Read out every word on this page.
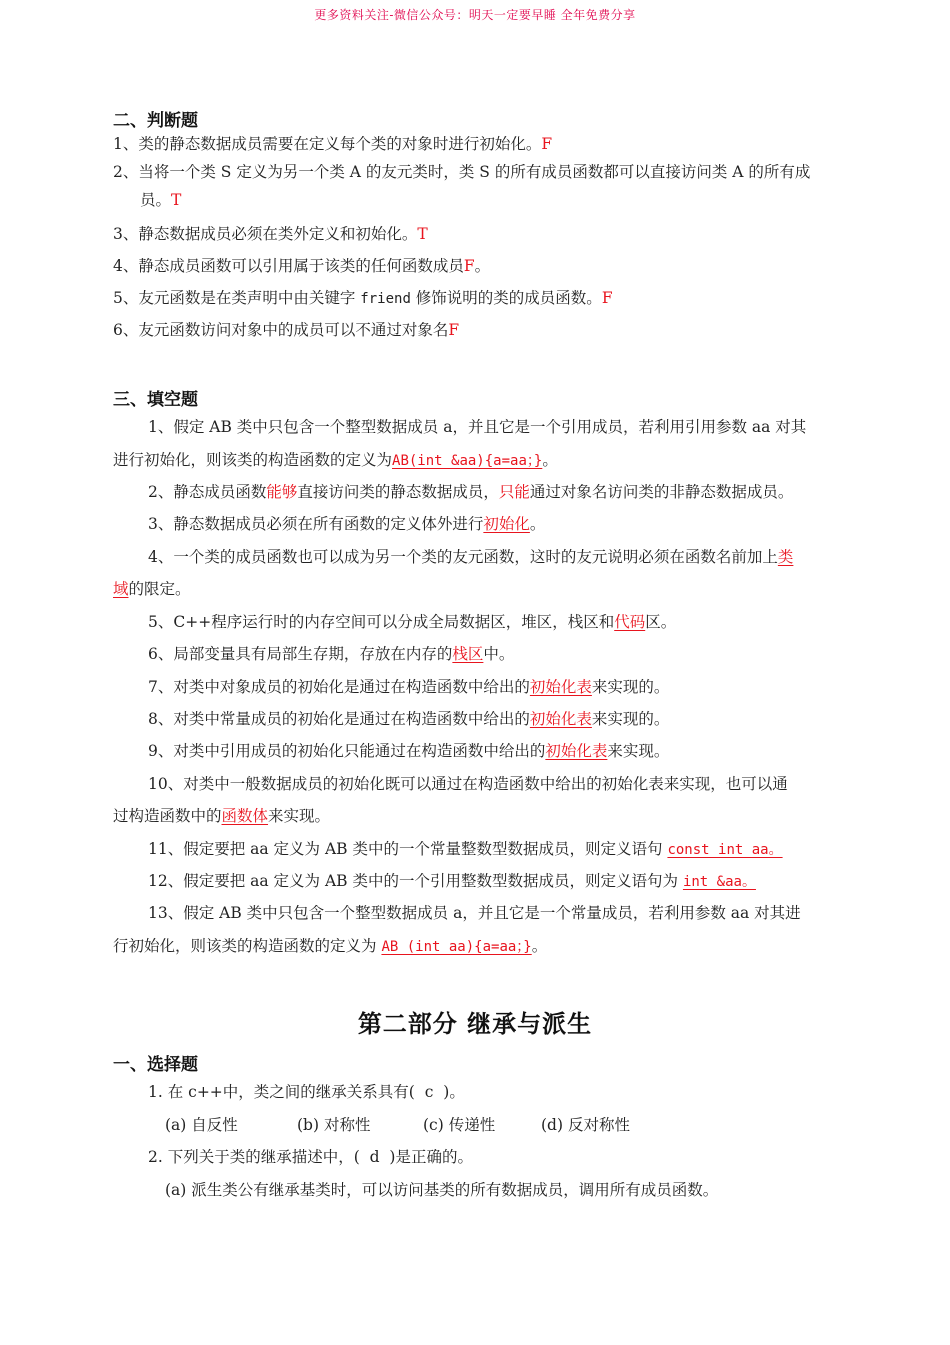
更多资料关注-微信公众号：明天一定要早睡 全年免费分享
二、判断题
1、类的静态数据成员需要在定义每个类的对象时进行初始化。F
2、当将一个类 S 定义为另一个类 A 的友元类时，类 S 的所有成员函数都可以直接访问类 A 的所有成
员。T
3、静态数据成员必须在类外定义和初始化。T
4、静态成员函数可以引用属于该类的任何函数成员F。
5、友元函数是在类声明中由关键字 friend 修饰说明的类的成员函数。F
6、友元函数访问对象中的成员可以不通过对象名F
三、填空题
1、假定 AB 类中只包含一个整型数据成员 a，并且它是一个引用成员，若利用引用参数 aa 对其
进行初始化，则该类的构造函数的定义为AB(int &aa){a=aa；}。
2、静态成员函数能够直接访问类的静态数据成员，只能通过对象名访问类的非静态数据成员。
3、静态数据成员必须在所有函数的定义体外进行初始化。
4、一个类的成员函数也可以成为另一个类的友元函数，这时的友元说明必须在函数名前加上类
域的限定。
5、C++程序运行时的内存空间可以分成全局数据区，堆区，栈区和代码区。
6、局部变量具有局部生存期，存放在内存的栈区中。
7、对类中对象成员的初始化是通过在构造函数中给出的初始化表来实现的。
8、对类中常量成员的初始化是通过在构造函数中给出的初始化表来实现的。
9、对类中引用成员的初始化只能通过在构造函数中给出的初始化表来实现。
10、对类中一般数据成员的初始化既可以通过在构造函数中给出的初始化表来实现，也可以通
过构造函数中的函数体来实现。
11、假定要把 aa 定义为 AB 类中的一个常量整数型数据成员，则定义语句 const int aa。
12、假定要把 aa 定义为 AB 类中的一个引用整数型数据成员，则定义语句为 int &aa。
13、假定 AB 类中只包含一个整型数据成员 a，并且它是一个常量成员，若利用参数 aa 对其进
行初始化，则该类的构造函数的定义为 AB (int aa){a=aa；}。
第二部分 继承与派生
一、选择题
1. 在 c++中，类之间的继承关系具有( c )。
(a) 自反性	(b) 对称性	(c) 传递性	(d) 反对称性
2. 下列关于类的继承描述中，( d )是正确的。
(a) 派生类公有继承基类时，可以访问基类的所有数据成员，调用所有成员函数。
